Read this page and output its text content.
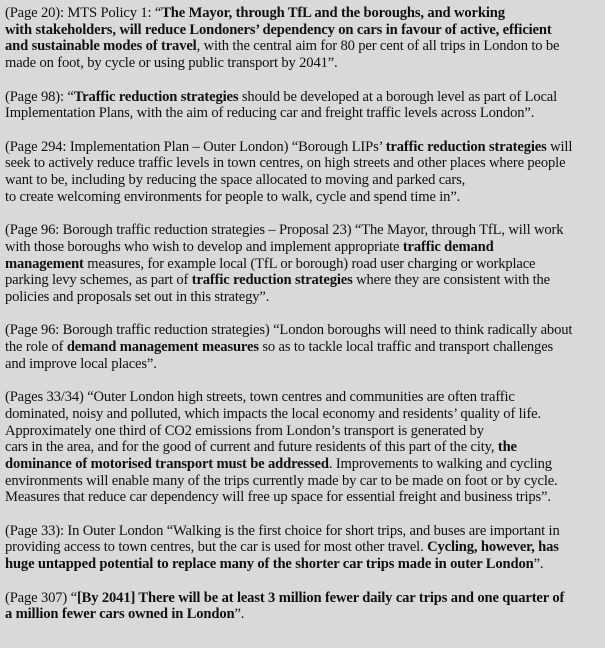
(Page 20): MTS Policy 1: “The Mayor, through TfL and the boroughs, and working
with stakeholders, will reduce Londoners’ dependency on cars in favour of active, efficient
and sustainable modes of travel, with the central aim for 80 per cent of all trips in London to be
made on foot, by cycle or using public transport by 2041”.

(Page 98): “Traffic reduction strategies should be developed at a borough level as part of Local
Implementation Plans, with the aim of reducing car and freight traffic levels across London”.

(Page 294: Implementation Plan – Outer London) “Borough LIPs’ traffic reduction strategies will
seek to actively reduce traffic levels in town centres, on high streets and other places where people
want to be, including by reducing the space allocated to moving and parked cars,
to create welcoming environments for people to walk, cycle and spend time in”.

(Page 96: Borough traffic reduction strategies – Proposal 23) “The Mayor, through TfL, will work
with those boroughs who wish to develop and implement appropriate traffic demand
management measures, for example local (TfL or borough) road user charging or workplace
parking levy schemes, as part of traffic reduction strategies where they are consistent with the
policies and proposals set out in this strategy”.

(Page 96: Borough traffic reduction strategies) “London boroughs will need to think radically about
the role of demand management measures so as to tackle local traffic and transport challenges
and improve local places”.

(Pages 33/34) “Outer London high streets, town centres and communities are often traffic
dominated, noisy and polluted, which impacts the local economy and residents’ quality of life.
Approximately one third of CO2 emissions from London’s transport is generated by
cars in the area, and for the good of current and future residents of this part of the city, the
dominance of motorised transport must be addressed. Improvements to walking and cycling
environments will enable many of the trips currently made by car to be made on foot or by cycle.
Measures that reduce car dependency will free up space for essential freight and business trips”.

(Page 33): In Outer London “Walking is the first choice for short trips, and buses are important in
providing access to town centres, but the car is used for most other travel. Cycling, however, has
huge untapped potential to replace many of the shorter car trips made in outer London”.

(Page 307) “[By 2041] There will be at least 3 million fewer daily car trips and one quarter of
a million fewer cars owned in London”.
